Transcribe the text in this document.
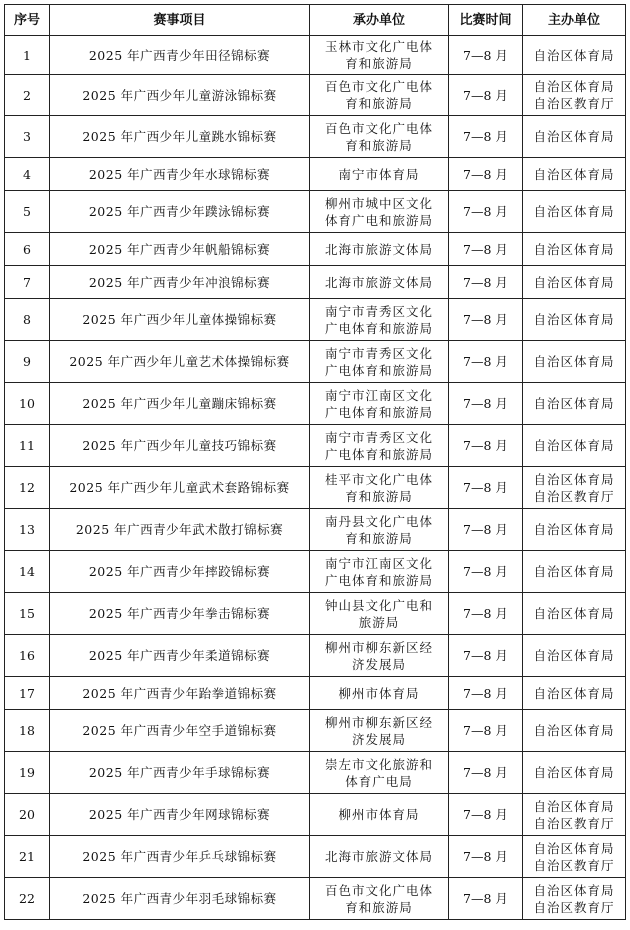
序号	赛事项目	承办单位	比赛时间	主办单位
1	2025 年广西青少年田径锦标赛	玉林市文化广电体
育和旅游局	7—8 月	自治区体育局

2	2025 年广西少年儿童游泳锦标赛	百色市文化广电体
育和旅游局	7—8 月	自治区体育局
自治区教育厅

3	2025 年广西少年儿童跳水锦标赛	百色市文化广电体
育和旅游局	7—8 月	自治区体育局

4	2025 年广西青少年水球锦标赛	南宁市体育局	7—8 月	自治区体育局

5	2025 年广西青少年蹼泳锦标赛	柳州市城中区文化
体育广电和旅游局	7—8 月	自治区体育局

6	2025 年广西青少年帆船锦标赛	北海市旅游文体局	7—8 月	自治区体育局

7	2025 年广西青少年冲浪锦标赛	北海市旅游文体局	7—8 月	自治区体育局

8	2025 年广西少年儿童体操锦标赛	南宁市青秀区文化
广电体育和旅游局	7—8 月	自治区体育局

9	2025 年广西少年儿童艺术体操锦标赛	南宁市青秀区文化
广电体育和旅游局	7—8 月	自治区体育局

10	2025 年广西少年儿童蹦床锦标赛	南宁市江南区文化
广电体育和旅游局	7—8 月	自治区体育局

11	2025 年广西少年儿童技巧锦标赛	南宁市青秀区文化
广电体育和旅游局	7—8 月	自治区体育局

12	2025 年广西少年儿童武术套路锦标赛	桂平市文化广电体
育和旅游局	7—8 月	自治区体育局
自治区教育厅

13	2025 年广西青少年武术散打锦标赛	南丹县文化广电体
育和旅游局	7—8 月	自治区体育局

14	2025 年广西青少年摔跤锦标赛	南宁市江南区文化
广电体育和旅游局	7—8 月	自治区体育局

15	2025 年广西青少年拳击锦标赛	钟山县文化广电和
旅游局	7—8 月	自治区体育局

16	2025 年广西青少年柔道锦标赛	柳州市柳东新区经
济发展局	7—8 月	自治区体育局

17	2025 年广西青少年跆拳道锦标赛	柳州市体育局	7—8 月	自治区体育局

18	2025 年广西青少年空手道锦标赛	柳州市柳东新区经
济发展局	7—8 月	自治区体育局

19	2025 年广西青少年手球锦标赛	崇左市文化旅游和
体育广电局	7—8 月	自治区体育局

20	2025 年广西青少年网球锦标赛	柳州市体育局	7—8 月	自治区体育局
自治区教育厅

21	2025 年广西青少年乒乓球锦标赛	北海市旅游文体局	7—8 月	自治区体育局
自治区教育厅

22	2025 年广西青少年羽毛球锦标赛	百色市文化广电体
育和旅游局	7—8 月	自治区体育局
自治区教育厅
